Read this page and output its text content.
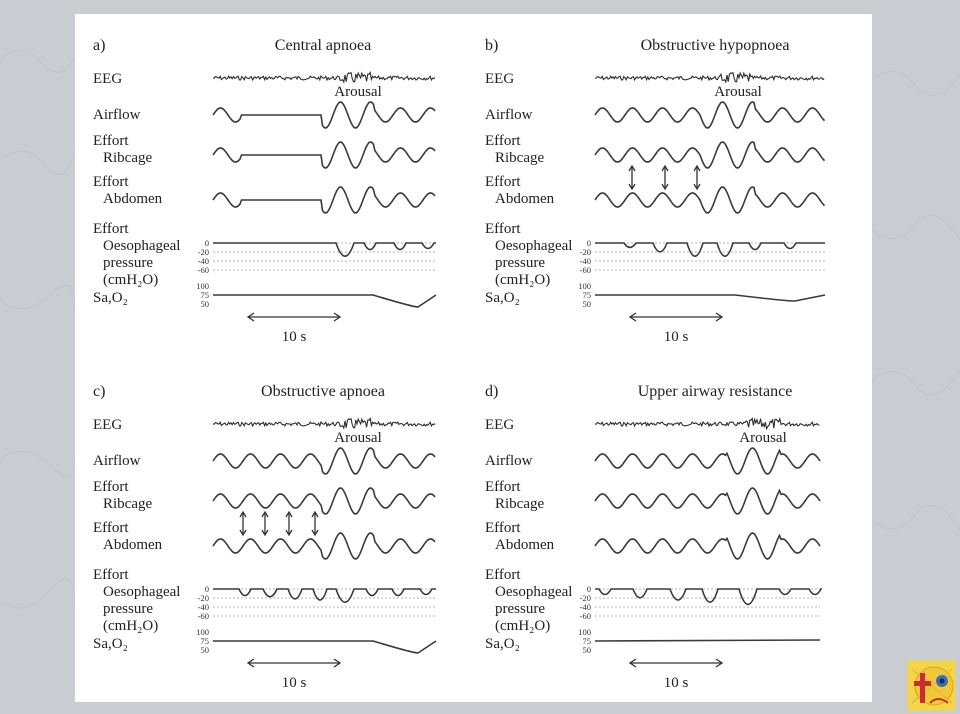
a)	Central apnoea
EEG
Airflow
Effort
Ribcage
Effort
Abdomen
Effort
Oesophageal
pressure
(cmH₂O)
Sa,O₂
Arousal
0
-20
-40
-60
100
75
50
10 s
b)	Obstructive hypopnoea
EEG
Airflow
Effort
Ribcage
Effort
Abdomen
Effort
Oesophageal
pressure
(cmH₂O)
Sa,O₂
Arousal
0
-20
-40
-60
100
75
50
10 s
c)	Obstructive apnoea
EEG
Airflow
Effort
Ribcage
Effort
Abdomen
Effort
Oesophageal
pressure
(cmH₂O)
Sa,O₂
Arousal
0
-20
-40
-60
100
75
50
10 s
d)	Upper airway resistance
EEG
Airflow
Effort
Ribcage
Effort
Abdomen
Effort
Oesophageal
pressure
(cmH₂O)
Sa,O₂
Arousal
0
-20
-40
-60
100
75
50
10 s
